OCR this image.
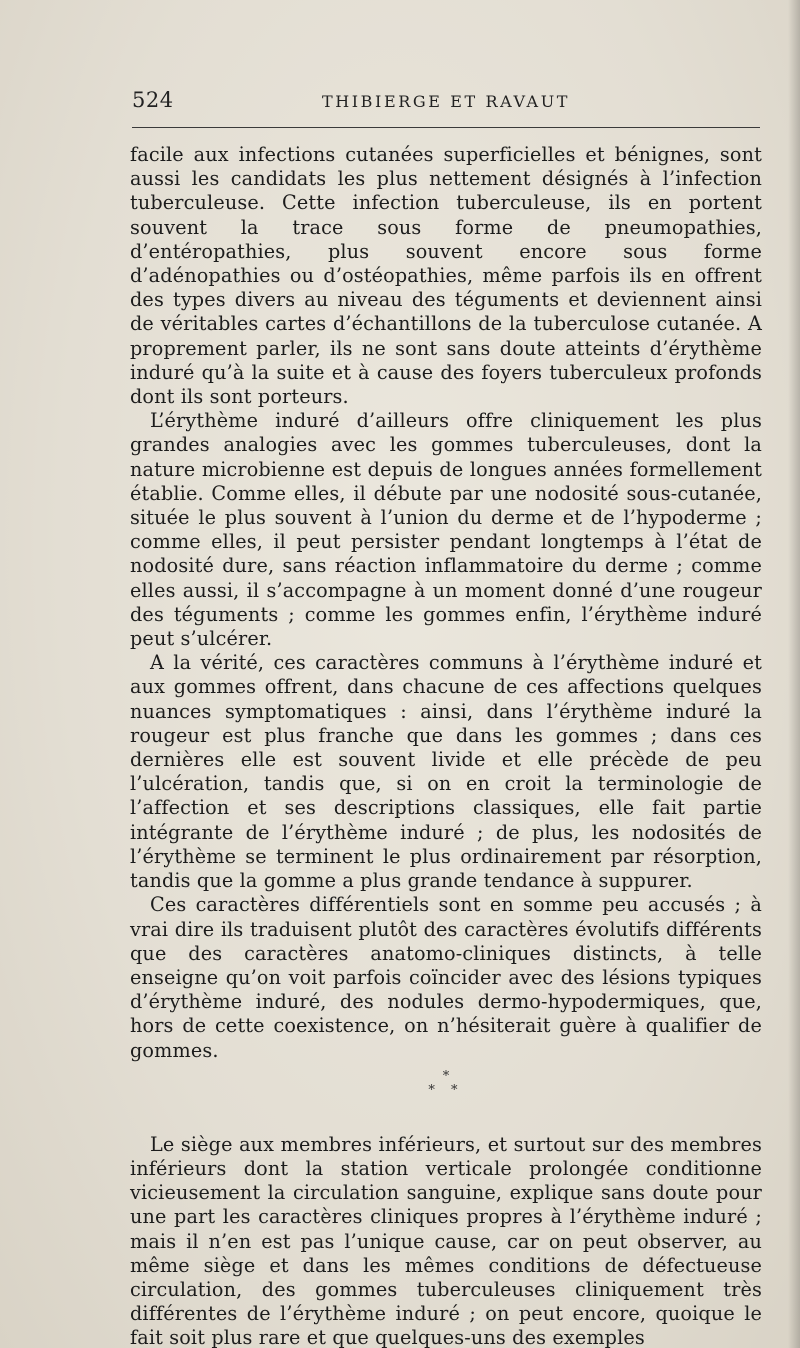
524	THIBIERGE ET RAVAUT

facile aux infections cutanées superficielles et bénignes, sont aussi les candidats les plus nettement désignés à l’infection tuberculeuse. Cette infection tuberculeuse, ils en portent souvent la trace sous forme de pneumopathies, d’entéropathies, plus souvent encore sous forme d’adénopathies ou d’ostéopathies, même parfois ils en offrent des types divers au niveau des téguments et deviennent ainsi de véritables cartes d’échantillons de la tuberculose cutanée. A proprement parler, ils ne sont sans doute atteints d’érythème induré qu’à la suite et à cause des foyers tuberculeux profonds dont ils sont porteurs.

L’érythème induré d’ailleurs offre cliniquement les plus grandes analogies avec les gommes tuberculeuses, dont la nature microbienne est depuis de longues années formellement établie. Comme elles, il débute par une nodosité sous-cutanée, située le plus souvent à l’union du derme et de l’hypoderme ; comme elles, il peut persister pendant longtemps à l’état de nodosité dure, sans réaction inflammatoire du derme ; comme elles aussi, il s’accompagne à un moment donné d’une rougeur des téguments ; comme les gommes enfin, l’érythème induré peut s’ulcérer.

A la vérité, ces caractères communs à l’érythème induré et aux gommes offrent, dans chacune de ces affections quelques nuances symptomatiques : ainsi, dans l’érythème induré la rougeur est plus franche que dans les gommes ; dans ces dernières elle est souvent livide et elle précède de peu l’ulcération, tandis que, si on en croit la terminologie de l’affection et ses descriptions classiques, elle fait partie intégrante de l’érythème induré ; de plus, les nodosités de l’érythème se terminent le plus ordinairement par résorption, tandis que la gomme a plus grande tendance à suppurer.

Ces caractères différentiels sont en somme peu accusés ; à vrai dire ils traduisent plutôt des caractères évolutifs différents que des caractères anatomo-cliniques distincts, à telle enseigne qu’on voit parfois coïncider avec des lésions typiques d’érythème induré, des nodules dermo-hypodermiques, que, hors de cette coexistence, on n’hésiterait guère à qualifier de gommes.

*
* *

Le siège aux membres inférieurs, et surtout sur des membres inférieurs dont la station verticale prolongée conditionne vicieusement la circulation sanguine, explique sans doute pour une part les caractères cliniques propres à l’érythème induré ; mais il n’en est pas l’unique cause, car on peut observer, au même siège et dans les mêmes conditions de défectueuse circulation, des gommes tuberculeuses cliniquement très différentes de l’érythème induré ; on peut encore, quoique le fait soit plus rare et que quelques-uns des exemples
